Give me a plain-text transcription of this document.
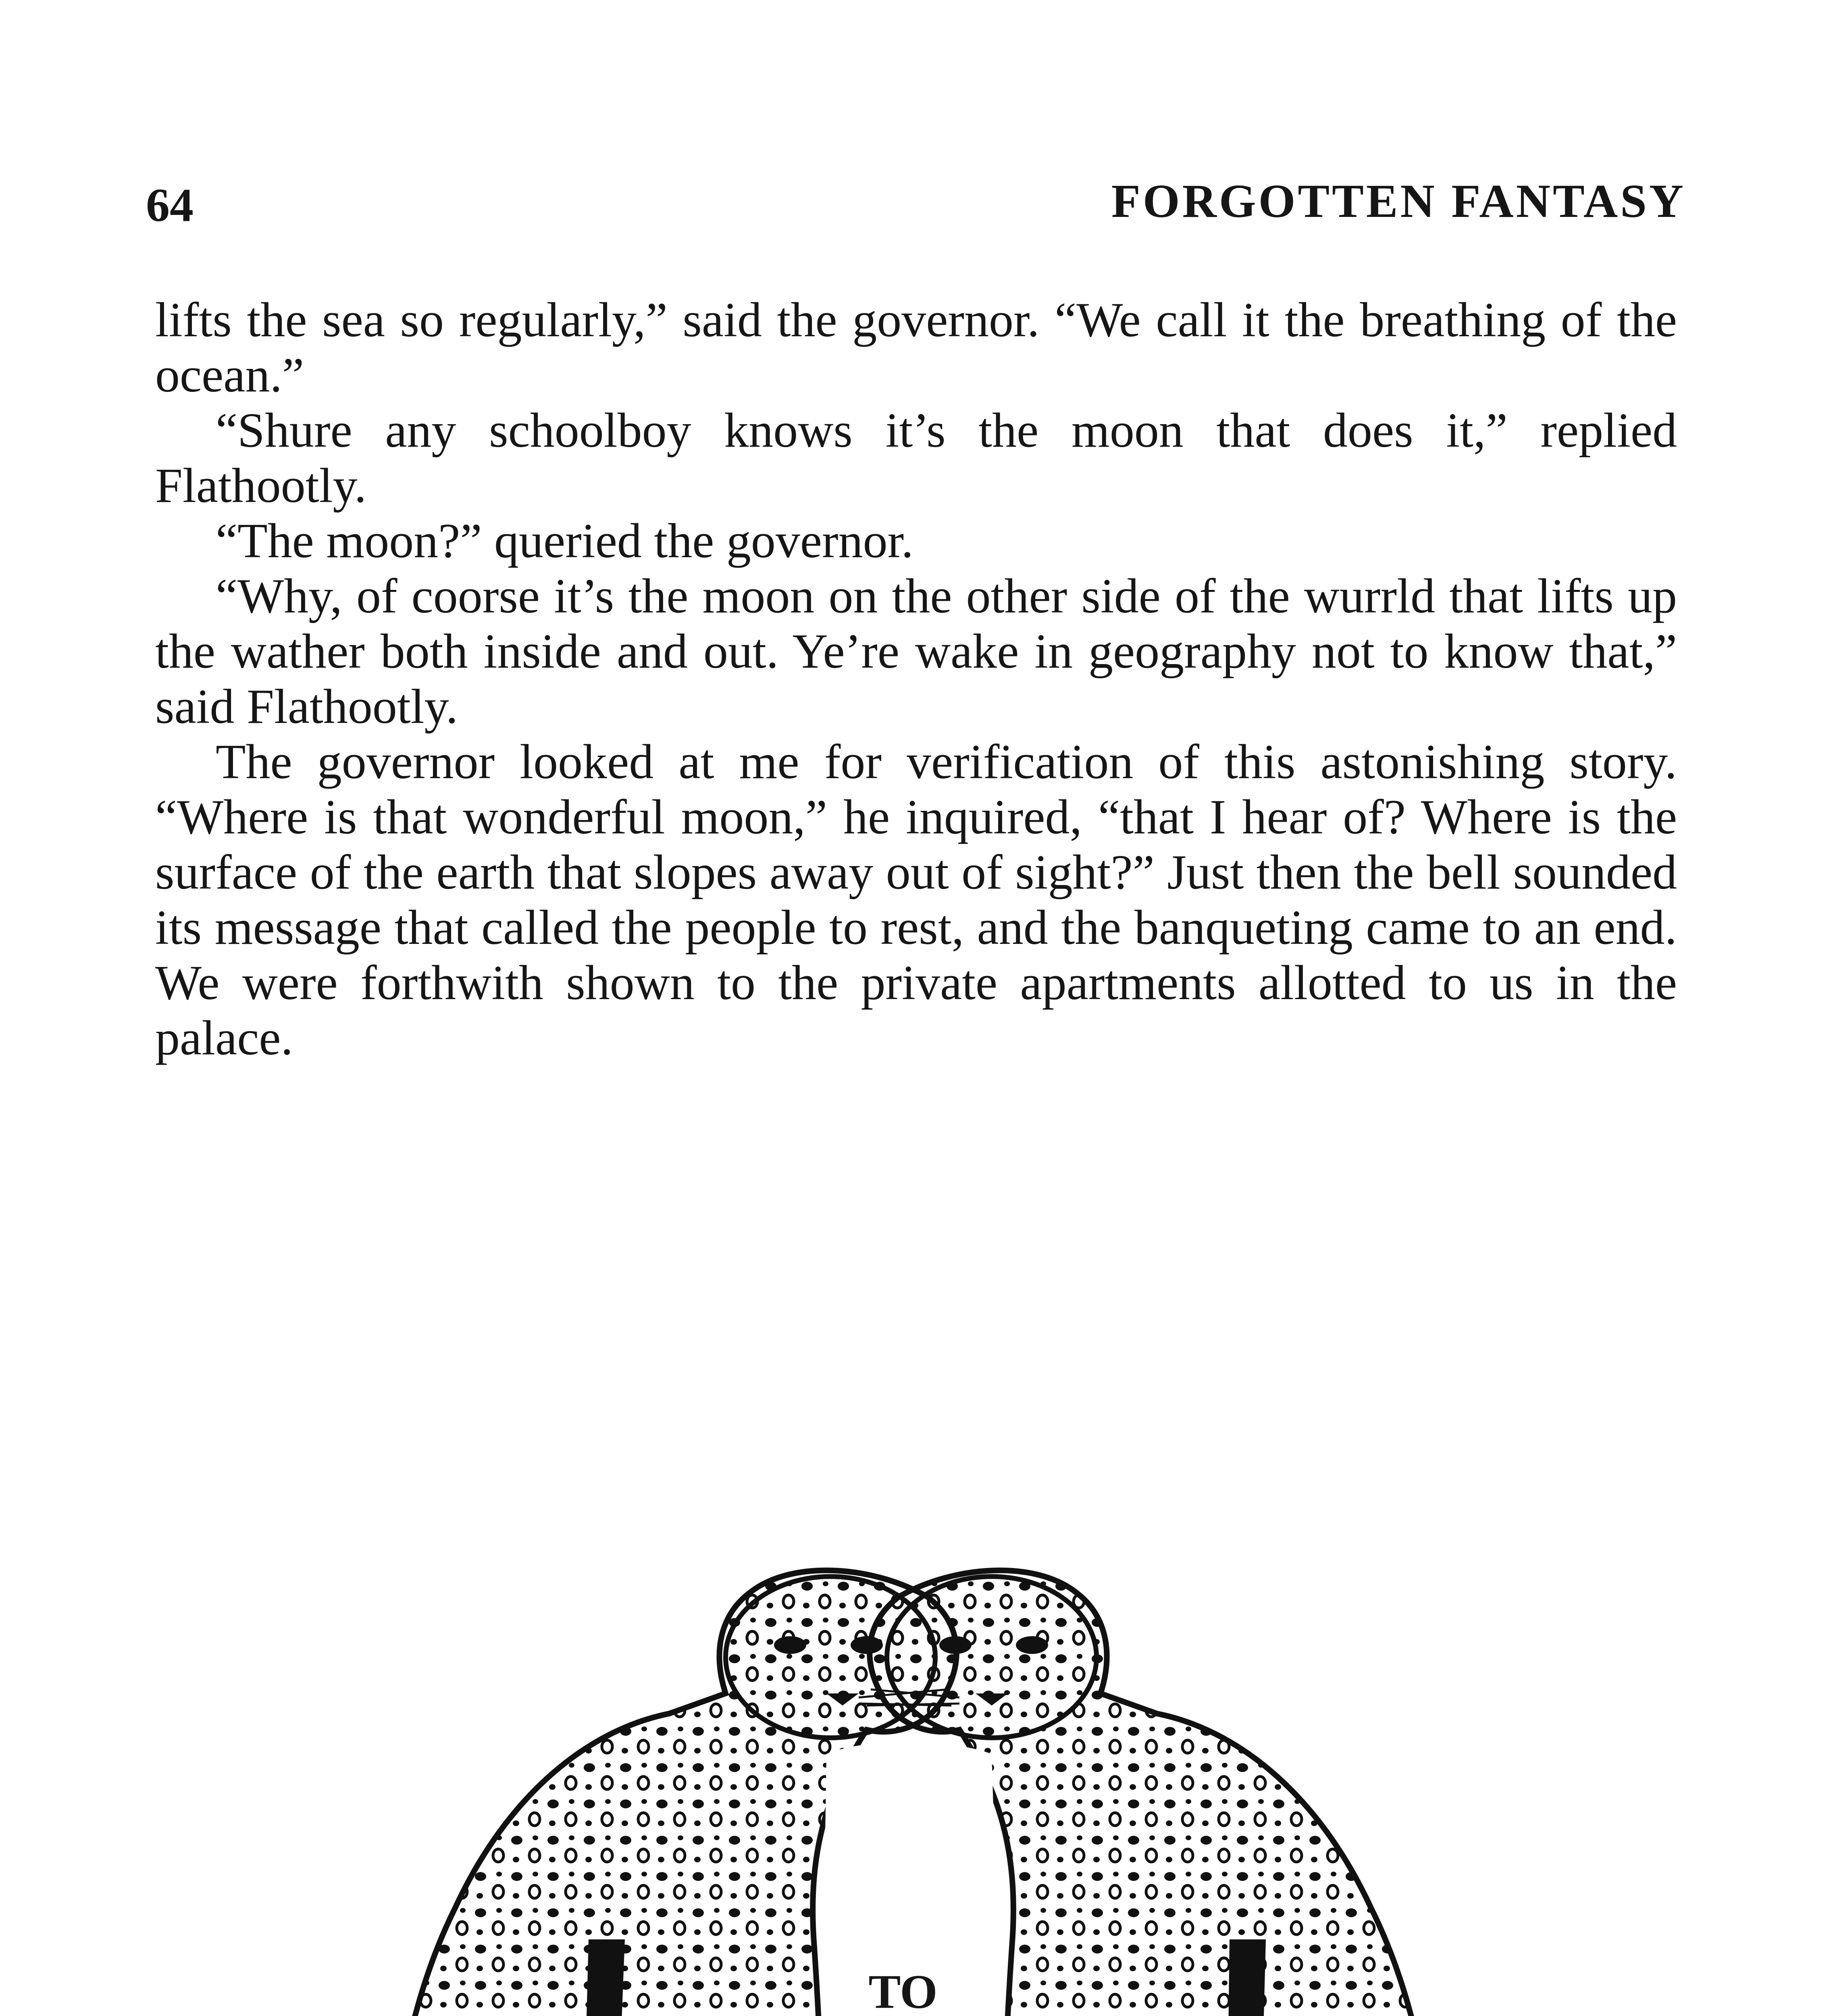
64	FORGOTTEN FANTASY

lifts the sea so regularly,” said the governor. “We call it the breathing of the ocean.”

“Shure any schoolboy knows it’s the moon that does it,” replied Flathootly.

“The moon?” queried the governor.

“Why, of coorse it’s the moon on the other side of the wurrld that lifts up the wather both inside and out. Ye’re wake in geography not to know that,” said Flathootly.

The governor looked at me for verification of this astonishing story. “Where is that wonderful moon,” he inquired, “that I hear of? Where is the surface of the earth that slopes away out of sight?” Just then the bell sounded its message that called the people to rest, and the banqueting came to an end. We were forthwith shown to the private apartments allotted to us in the palace.

TO
